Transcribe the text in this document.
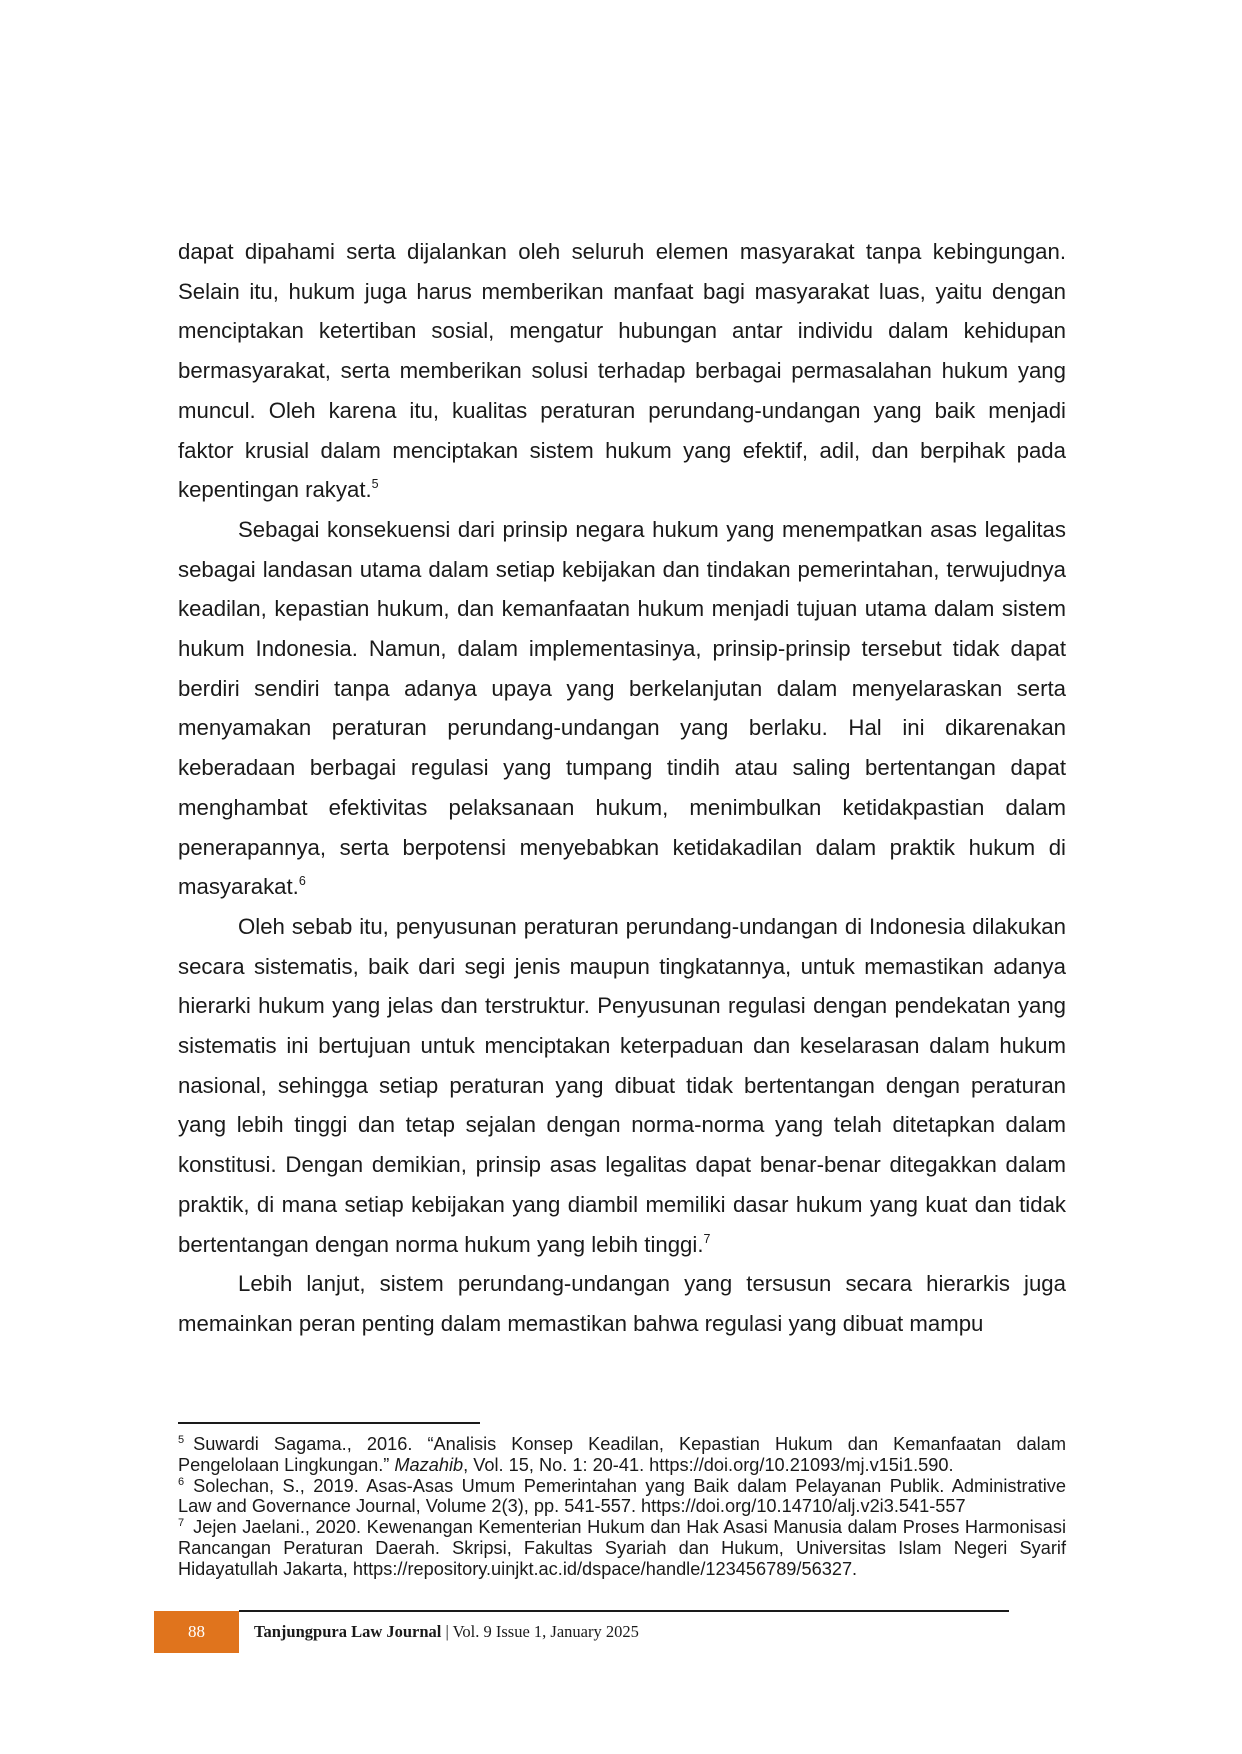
dapat dipahami serta dijalankan oleh seluruh elemen masyarakat tanpa kebingungan. Selain itu, hukum juga harus memberikan manfaat bagi masyarakat luas, yaitu dengan menciptakan ketertiban sosial, mengatur hubungan antar individu dalam kehidupan bermasyarakat, serta memberikan solusi terhadap berbagai permasalahan hukum yang muncul. Oleh karena itu, kualitas peraturan perundang-undangan yang baik menjadi faktor krusial dalam menciptakan sistem hukum yang efektif, adil, dan berpihak pada kepentingan rakyat.$^5$

Sebagai konsekuensi dari prinsip negara hukum yang menempatkan asas legalitas sebagai landasan utama dalam setiap kebijakan dan tindakan pemerintahan, terwujudnya keadilan, kepastian hukum, dan kemanfaatan hukum menjadi tujuan utama dalam sistem hukum Indonesia. Namun, dalam implementasinya, prinsip-prinsip tersebut tidak dapat berdiri sendiri tanpa adanya upaya yang berkelanjutan dalam menyelaraskan serta menyamakan peraturan perundang-undangan yang berlaku. Hal ini dikarenakan keberadaan berbagai regulasi yang tumpang tindih atau saling bertentangan dapat menghambat efektivitas pelaksanaan hukum, menimbulkan ketidakpastian dalam penerapannya, serta berpotensi menyebabkan ketidakadilan dalam praktik hukum di masyarakat.$^6$

Oleh sebab itu, penyusunan peraturan perundang-undangan di Indonesia dilakukan secara sistematis, baik dari segi jenis maupun tingkatannya, untuk memastikan adanya hierarki hukum yang jelas dan terstruktur. Penyusunan regulasi dengan pendekatan yang sistematis ini bertujuan untuk menciptakan keterpaduan dan keselarasan dalam hukum nasional, sehingga setiap peraturan yang dibuat tidak bertentangan dengan peraturan yang lebih tinggi dan tetap sejalan dengan norma-norma yang telah ditetapkan dalam konstitusi. Dengan demikian, prinsip asas legalitas dapat benar-benar ditegakkan dalam praktik, di mana setiap kebijakan yang diambil memiliki dasar hukum yang kuat dan tidak bertentangan dengan norma hukum yang lebih tinggi.$^7$

Lebih lanjut, sistem perundang-undangan yang tersusun secara hierarkis juga memainkan peran penting dalam memastikan bahwa regulasi yang dibuat mampu

$^5$ Suwardi Sagama., 2016. “Analisis Konsep Keadilan, Kepastian Hukum dan Kemanfaatan dalam Pengelolaan Lingkungan.” Mazahib, Vol. 15, No. 1: 20-41. https://doi.org/10.21093/mj.v15i1.590.

$^6$ Solechan, S., 2019. Asas-Asas Umum Pemerintahan yang Baik dalam Pelayanan Publik. Administrative Law and Governance Journal, Volume 2(3), pp. 541-557. https://doi.org/10.14710/alj.v2i3.541-557

$^7$ Jejen Jaelani., 2020. Kewenangan Kementerian Hukum dan Hak Asasi Manusia dalam Proses Harmonisasi Rancangan Peraturan Daerah. Skripsi, Fakultas Syariah dan Hukum, Universitas Islam Negeri Syarif Hidayatullah Jakarta, https://repository.uinjkt.ac.id/dspace/handle/123456789/56327.

88	Tanjungpura Law Journal | Vol. 9 Issue 1, January 2025
